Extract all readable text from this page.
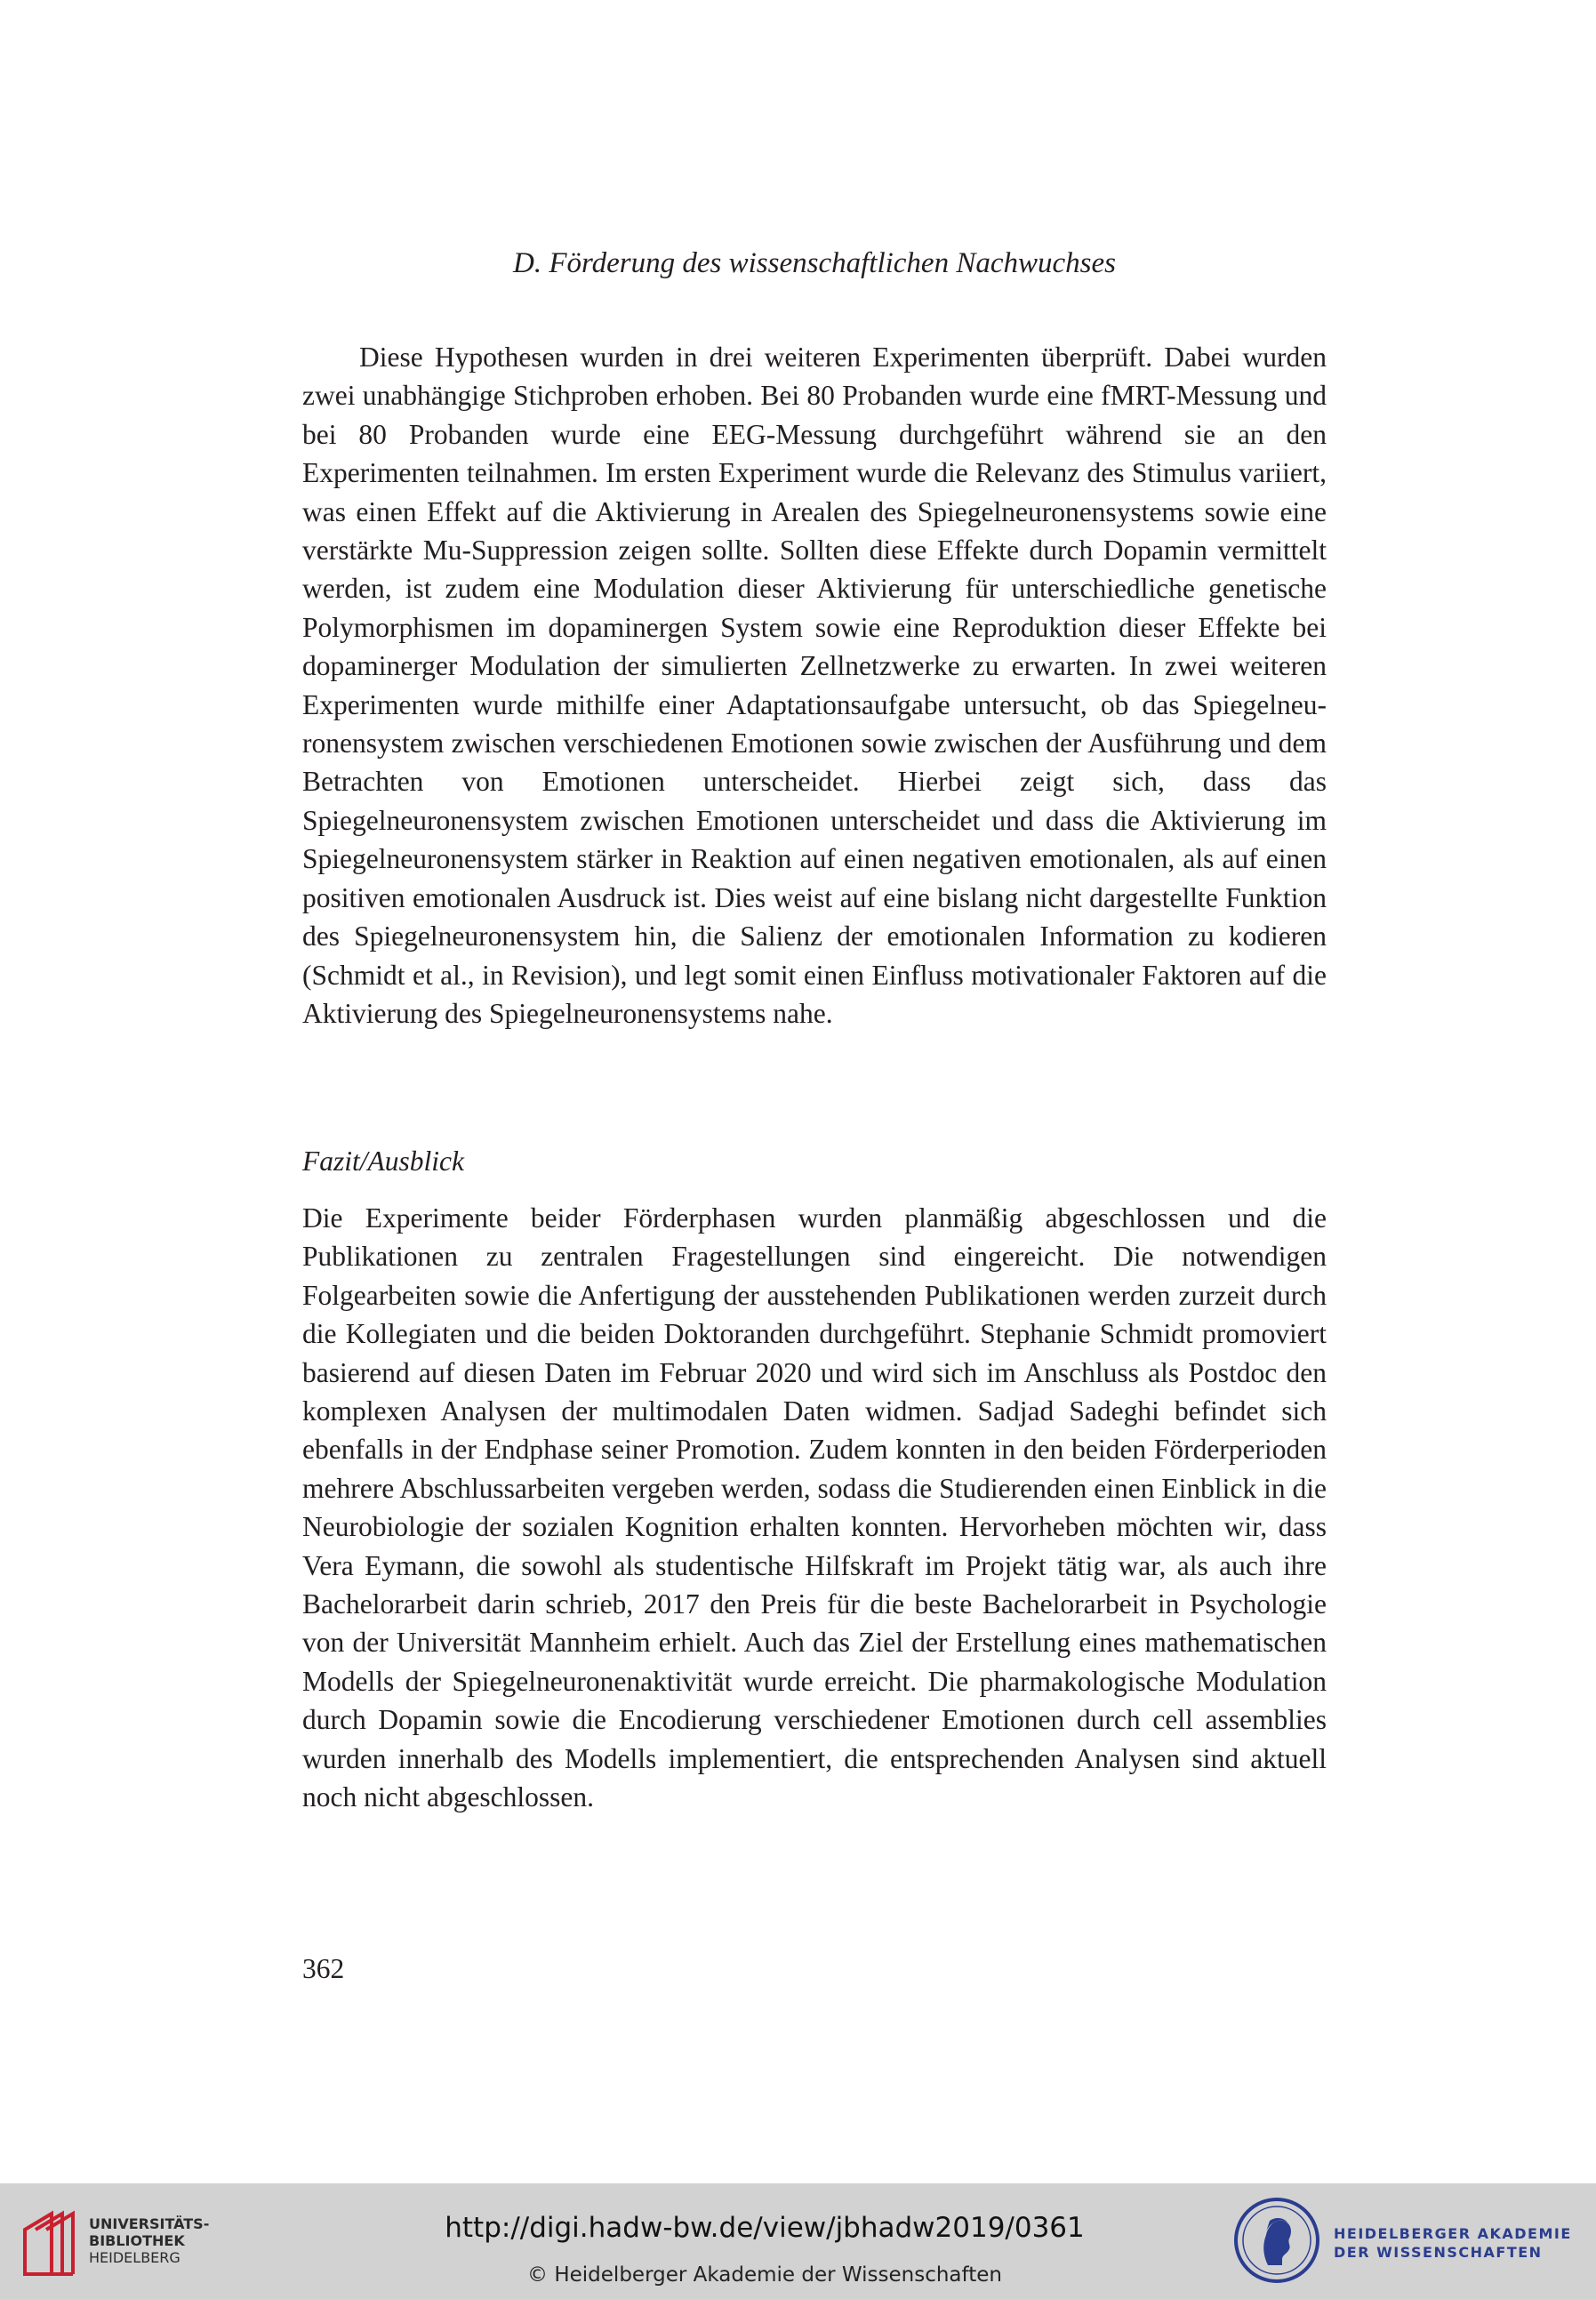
D. Förderung des wissenschaftlichen Nachwuchses

Diese Hypothesen wurden in drei weiteren Experimenten überprüft. Dabei wurden zwei unabhängige Stichproben erhoben. Bei 80 Probanden wurde eine fMRT-Messung und bei 80 Probanden wurde eine EEG-Messung durchgeführt während sie an den Experimenten teilnahmen. Im ersten Experiment wurde die Relevanz des Stimulus variiert, was einen Effekt auf die Aktivierung in Arealen des Spiegelneuronensystems sowie eine verstärkte Mu-Suppression zeigen sollte. Sollten diese Effekte durch Dopamin vermittelt werden, ist zudem eine Modulation dieser Aktivierung für unterschiedliche genetische Polymorphismen im dopaminergen System sowie eine Reproduktion dieser Effekte bei dopaminerger Modulation der simulierten Zellnetzwerke zu erwarten. In zwei weiteren Experimenten wurde mithilfe einer Adaptationsaufgabe untersucht, ob das Spiegelneuronensystem zwischen verschiedenen Emotionen sowie zwischen der Ausführung und dem Betrachten von Emotionen unterscheidet. Hierbei zeigt sich, dass das Spiegelneuronensystem zwischen Emotionen unterscheidet und dass die Aktivierung im Spiegelneuronensystem stärker in Reaktion auf einen negativen emotionalen, als auf einen positiven emotionalen Ausdruck ist. Dies weist auf eine bislang nicht dargestellte Funktion des Spiegelneuronensystem hin, die Salienz der emotionalen Information zu kodieren (Schmidt et al., in Revision), und legt somit einen Einfluss motivationaler Faktoren auf die Aktivierung des Spiegelneuronensystems nahe.

Fazit/Ausblick

Die Experimente beider Förderphasen wurden planmäßig abgeschlossen und die Publikationen zu zentralen Fragestellungen sind eingereicht. Die notwendigen Folgearbeiten sowie die Anfertigung der ausstehenden Publikationen werden zurzeit durch die Kollegiaten und die beiden Doktoranden durchgeführt. Stephanie Schmidt promoviert basierend auf diesen Daten im Februar 2020 und wird sich im Anschluss als Postdoc den komplexen Analysen der multimodalen Daten widmen. Sadjad Sadeghi befindet sich ebenfalls in der Endphase seiner Promotion. Zudem konnten in den beiden Förderperioden mehrere Abschlussarbeiten vergeben werden, sodass die Studierenden einen Einblick in die Neurobiologie der sozialen Kognition erhalten konnten. Hervorheben möchten wir, dass Vera Eymann, die sowohl als studentische Hilfskraft im Projekt tätig war, als auch ihre Bachelorarbeit darin schrieb, 2017 den Preis für die beste Bachelorarbeit in Psychologie von der Universität Mannheim erhielt. Auch das Ziel der Erstellung eines mathematischen Modells der Spiegelneuronenaktivität wurde erreicht. Die pharmakologische Modulation durch Dopamin sowie die Encodierung verschiedener Emotionen durch cell assemblies wurden innerhalb des Modells implementiert, die entsprechenden Analysen sind aktuell noch nicht abgeschlossen.

362

UNIVERSITÄTS-
BIBLIOTHEK
HEIDELBERG
http://digi.hadw-bw.de/view/jbhadw2019/0361
© Heidelberger Akademie der Wissenschaften
HEIDELBERGER AKADEMIE
DER WISSENSCHAFTEN
